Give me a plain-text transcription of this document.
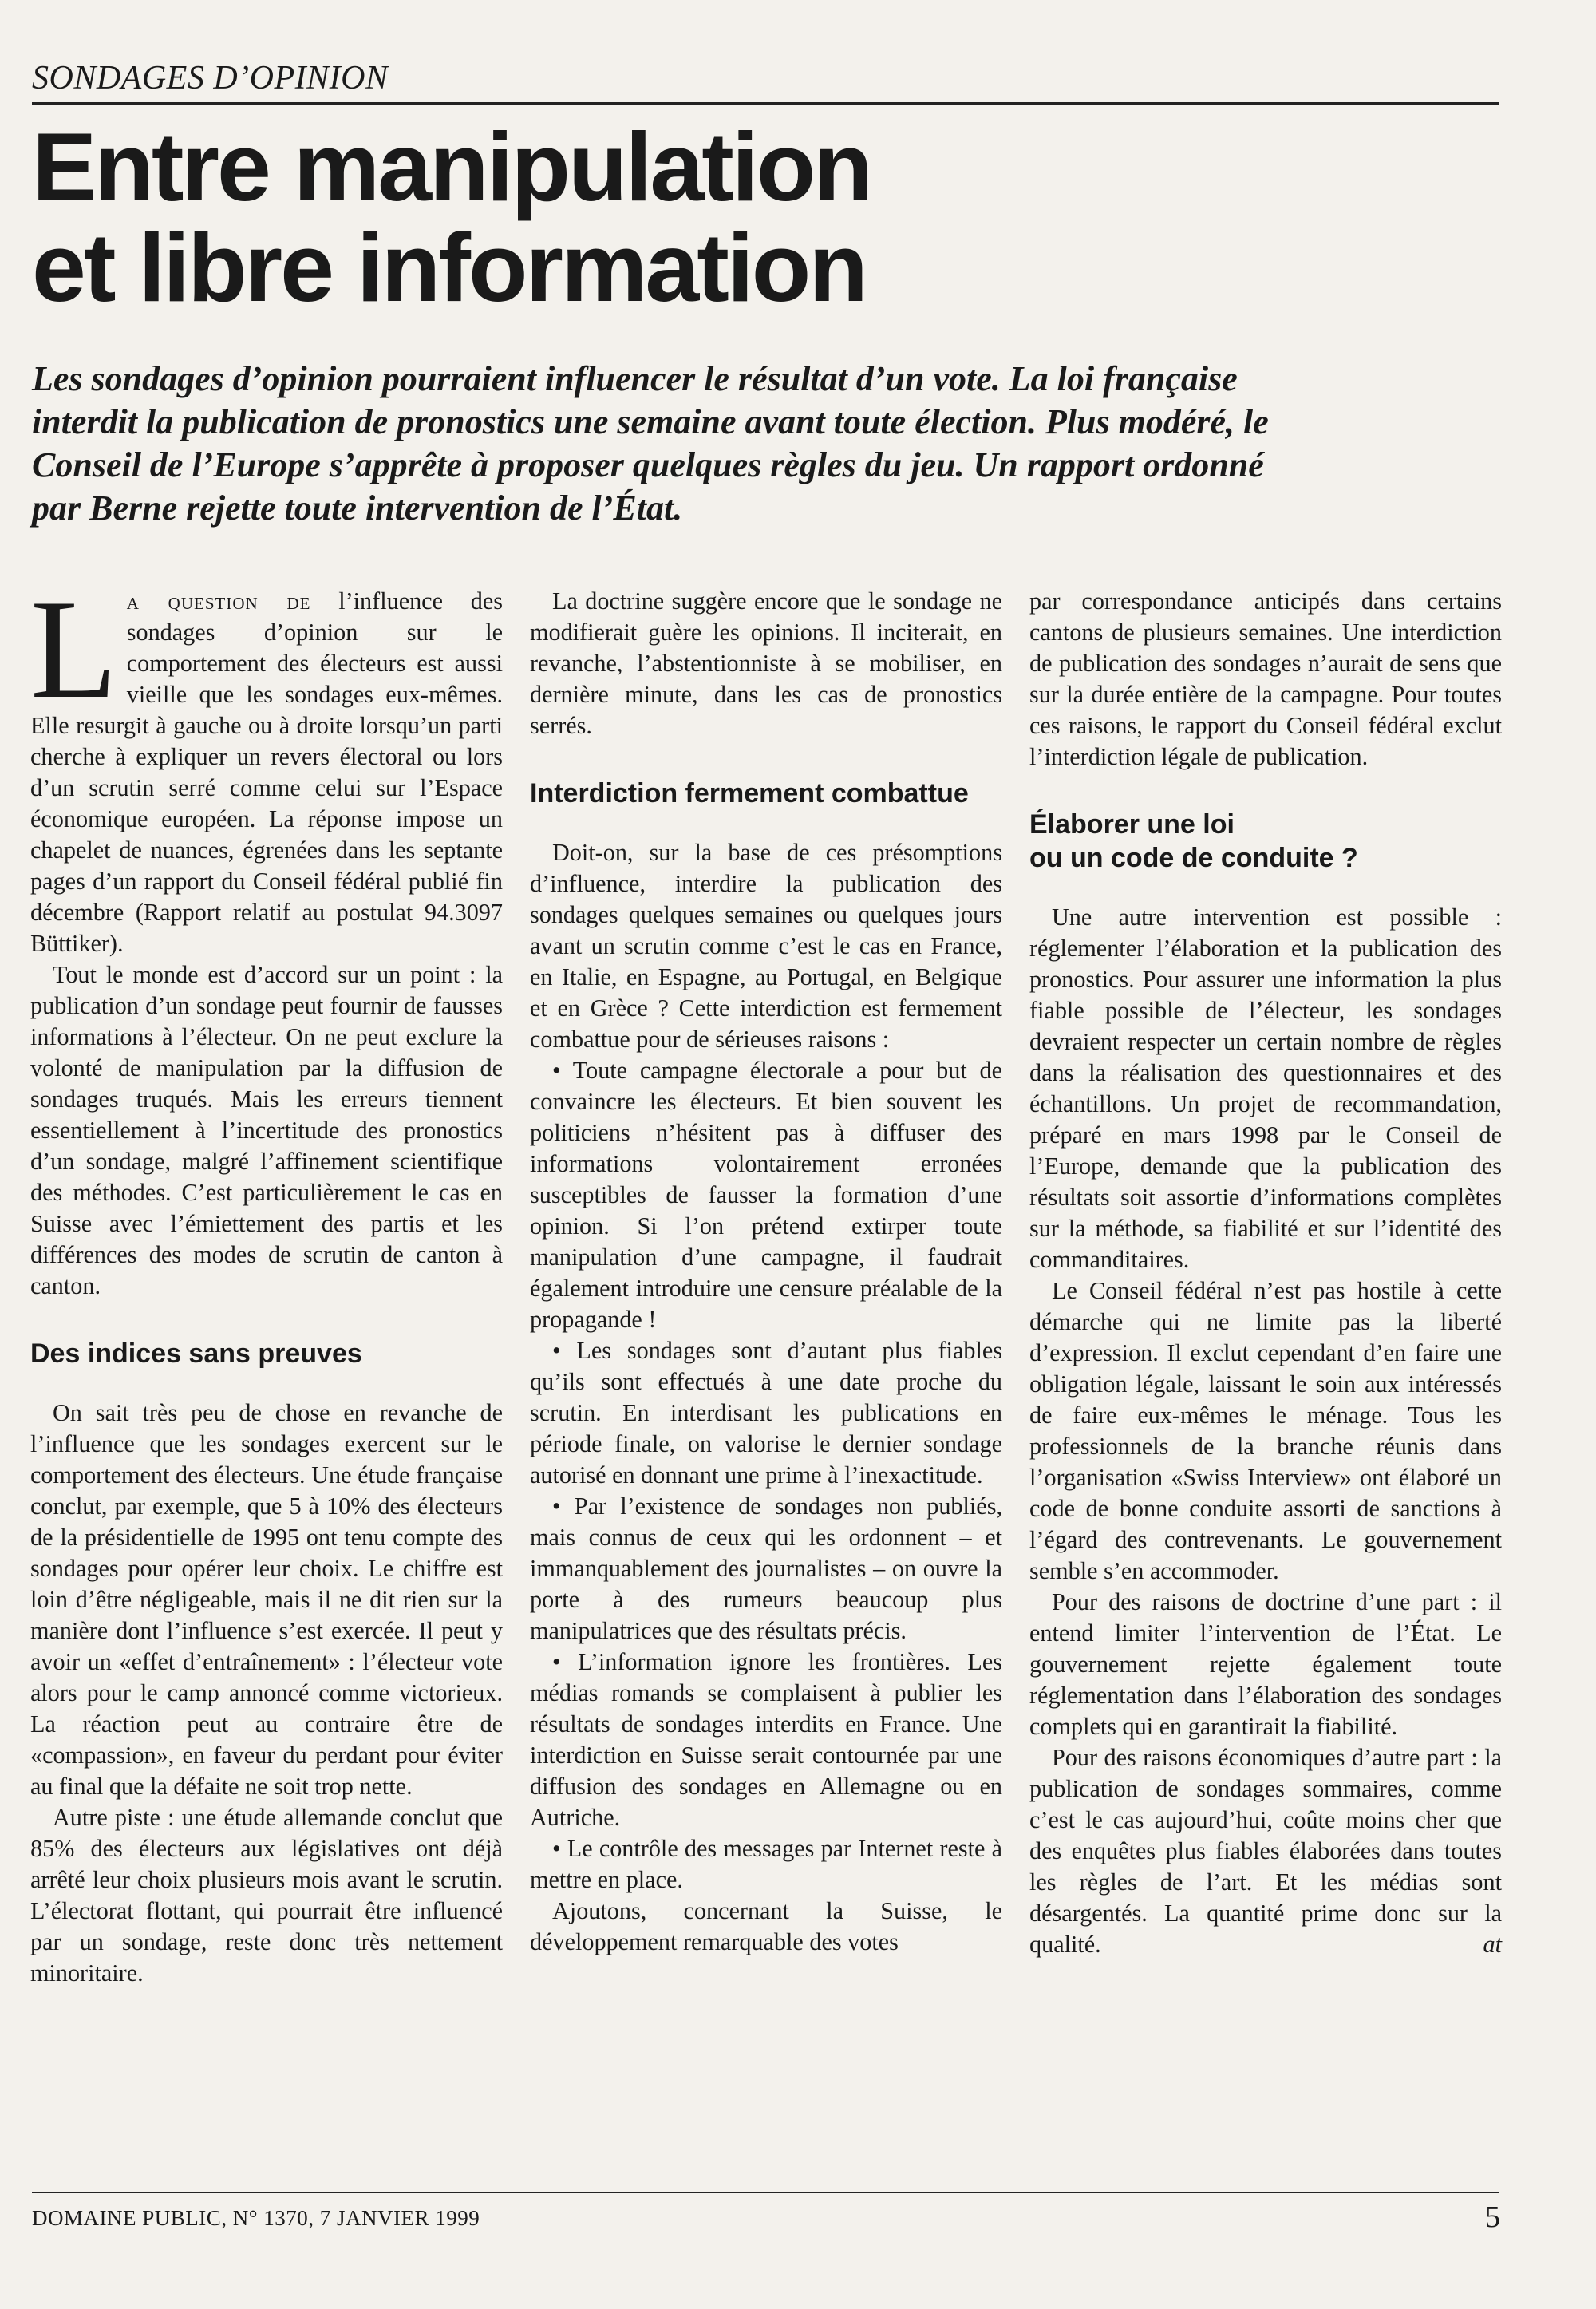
SONDAGES D’OPINION
Entre manipulation
et libre information

Les sondages d’opinion pourraient influencer le résultat d’un vote. La loi française interdit la publication de pronostics une semaine avant toute élection. Plus modéré, le Conseil de l’Europe s’apprête à proposer quelques règles du jeu. Un rapport ordonné par Berne rejette toute intervention de l’État.

La question de l’influence des sondages d’opinion sur le comportement des électeurs est aussi vieille que les sondages eux-mêmes. Elle resurgit à gauche ou à droite lorsqu’un parti cherche à expliquer un revers électoral ou lors d’un scrutin serré comme celui sur l’Espace économique européen. La réponse impose un chapelet de nuances, égrenées dans les septante pages d’un rapport du Conseil fédéral publié fin décembre (Rapport relatif au postulat 94.3097 Büttiker).

Tout le monde est d’accord sur un point : la publication d’un sondage peut fournir de fausses informations à l’électeur. On ne peut exclure la volonté de manipulation par la diffusion de sondages truqués. Mais les erreurs tiennent essentiellement à l’incertitude des pronostics d’un sondage, malgré l’affinement scientifique des méthodes. C’est particulièrement le cas en Suisse avec l’émiettement des partis et les différences des modes de scrutin de canton à canton.

Des indices sans preuves

On sait très peu de chose en revanche de l’influence que les sondages exercent sur le comportement des électeurs. Une étude française conclut, par exemple, que 5 à 10% des électeurs de la présidentielle de 1995 ont tenu compte des sondages pour opérer leur choix. Le chiffre est loin d’être négligeable, mais il ne dit rien sur la manière dont l’influence s’est exercée. Il peut y avoir un «effet d’entraînement» : l’électeur vote alors pour le camp annoncé comme victorieux. La réaction peut au contraire être de «compassion», en faveur du perdant pour éviter au final que la défaite ne soit trop nette.

Autre piste : une étude allemande conclut que 85% des électeurs aux législatives ont déjà arrêté leur choix plusieurs mois avant le scrutin. L’électorat flottant, qui pourrait être influencé par un sondage, reste donc très nettement minoritaire.

La doctrine suggère encore que le sondage ne modifierait guère les opinions. Il inciterait, en revanche, l’abstentionniste à se mobiliser, en dernière minute, dans les cas de pronostics serrés.

Interdiction fermement combattue

Doit-on, sur la base de ces présomptions d’influence, interdire la publication des sondages quelques semaines ou quelques jours avant un scrutin comme c’est le cas en France, en Italie, en Espagne, au Portugal, en Belgique et en Grèce ? Cette interdiction est fermement combattue pour de sérieuses raisons :

• Toute campagne électorale a pour but de convaincre les électeurs. Et bien souvent les politiciens n’hésitent pas à diffuser des informations volontairement erronées susceptibles de fausser la formation d’une opinion. Si l’on prétend extirper toute manipulation d’une campagne, il faudrait également introduire une censure préalable de la propagande !

• Les sondages sont d’autant plus fiables qu’ils sont effectués à une date proche du scrutin. En interdisant les publications en période finale, on valorise le dernier sondage autorisé en donnant une prime à l’inexactitude.

• Par l’existence de sondages non publiés, mais connus de ceux qui les ordonnent – et immanquablement des journalistes – on ouvre la porte à des rumeurs beaucoup plus manipulatrices que des résultats précis.

• L’information ignore les frontières. Les médias romands se complaisent à publier les résultats de sondages interdits en France. Une interdiction en Suisse serait contournée par une diffusion des sondages en Allemagne ou en Autriche.

• Le contrôle des messages par Internet reste à mettre en place.

Ajoutons, concernant la Suisse, le développement remarquable des votes

par correspondance anticipés dans certains cantons de plusieurs semaines. Une interdiction de publication des sondages n’aurait de sens que sur la durée entière de la campagne. Pour toutes ces raisons, le rapport du Conseil fédéral exclut l’interdiction légale de publication.

Élaborer une loi
ou un code de conduite ?

Une autre intervention est possible : réglementer l’élaboration et la publication des pronostics. Pour assurer une information la plus fiable possible de l’électeur, les sondages devraient respecter un certain nombre de règles dans la réalisation des questionnaires et des échantillons. Un projet de recommandation, préparé en mars 1998 par le Conseil de l’Europe, demande que la publication des résultats soit assortie d’informations complètes sur la méthode, sa fiabilité et sur l’identité des commanditaires.

Le Conseil fédéral n’est pas hostile à cette démarche qui ne limite pas la liberté d’expression. Il exclut cependant d’en faire une obligation légale, laissant le soin aux intéressés de faire eux-mêmes le ménage. Tous les professionnels de la branche réunis dans l’organisation «Swiss Interview» ont élaboré un code de bonne conduite assorti de sanctions à l’égard des contrevenants. Le gouvernement semble s’en accommoder.

Pour des raisons de doctrine d’une part : il entend limiter l’intervention de l’État. Le gouvernement rejette également toute réglementation dans l’élaboration des sondages complets qui en garantirait la fiabilité.

Pour des raisons économiques d’autre part : la publication de sondages sommaires, comme c’est le cas aujourd’hui, coûte moins cher que des enquêtes plus fiables élaborées dans toutes les règles de l’art. Et les médias sont désargentés. La quantité prime donc sur la qualité.	at

DOMAINE PUBLIC, N° 1370, 7 JANVIER 1999	5
